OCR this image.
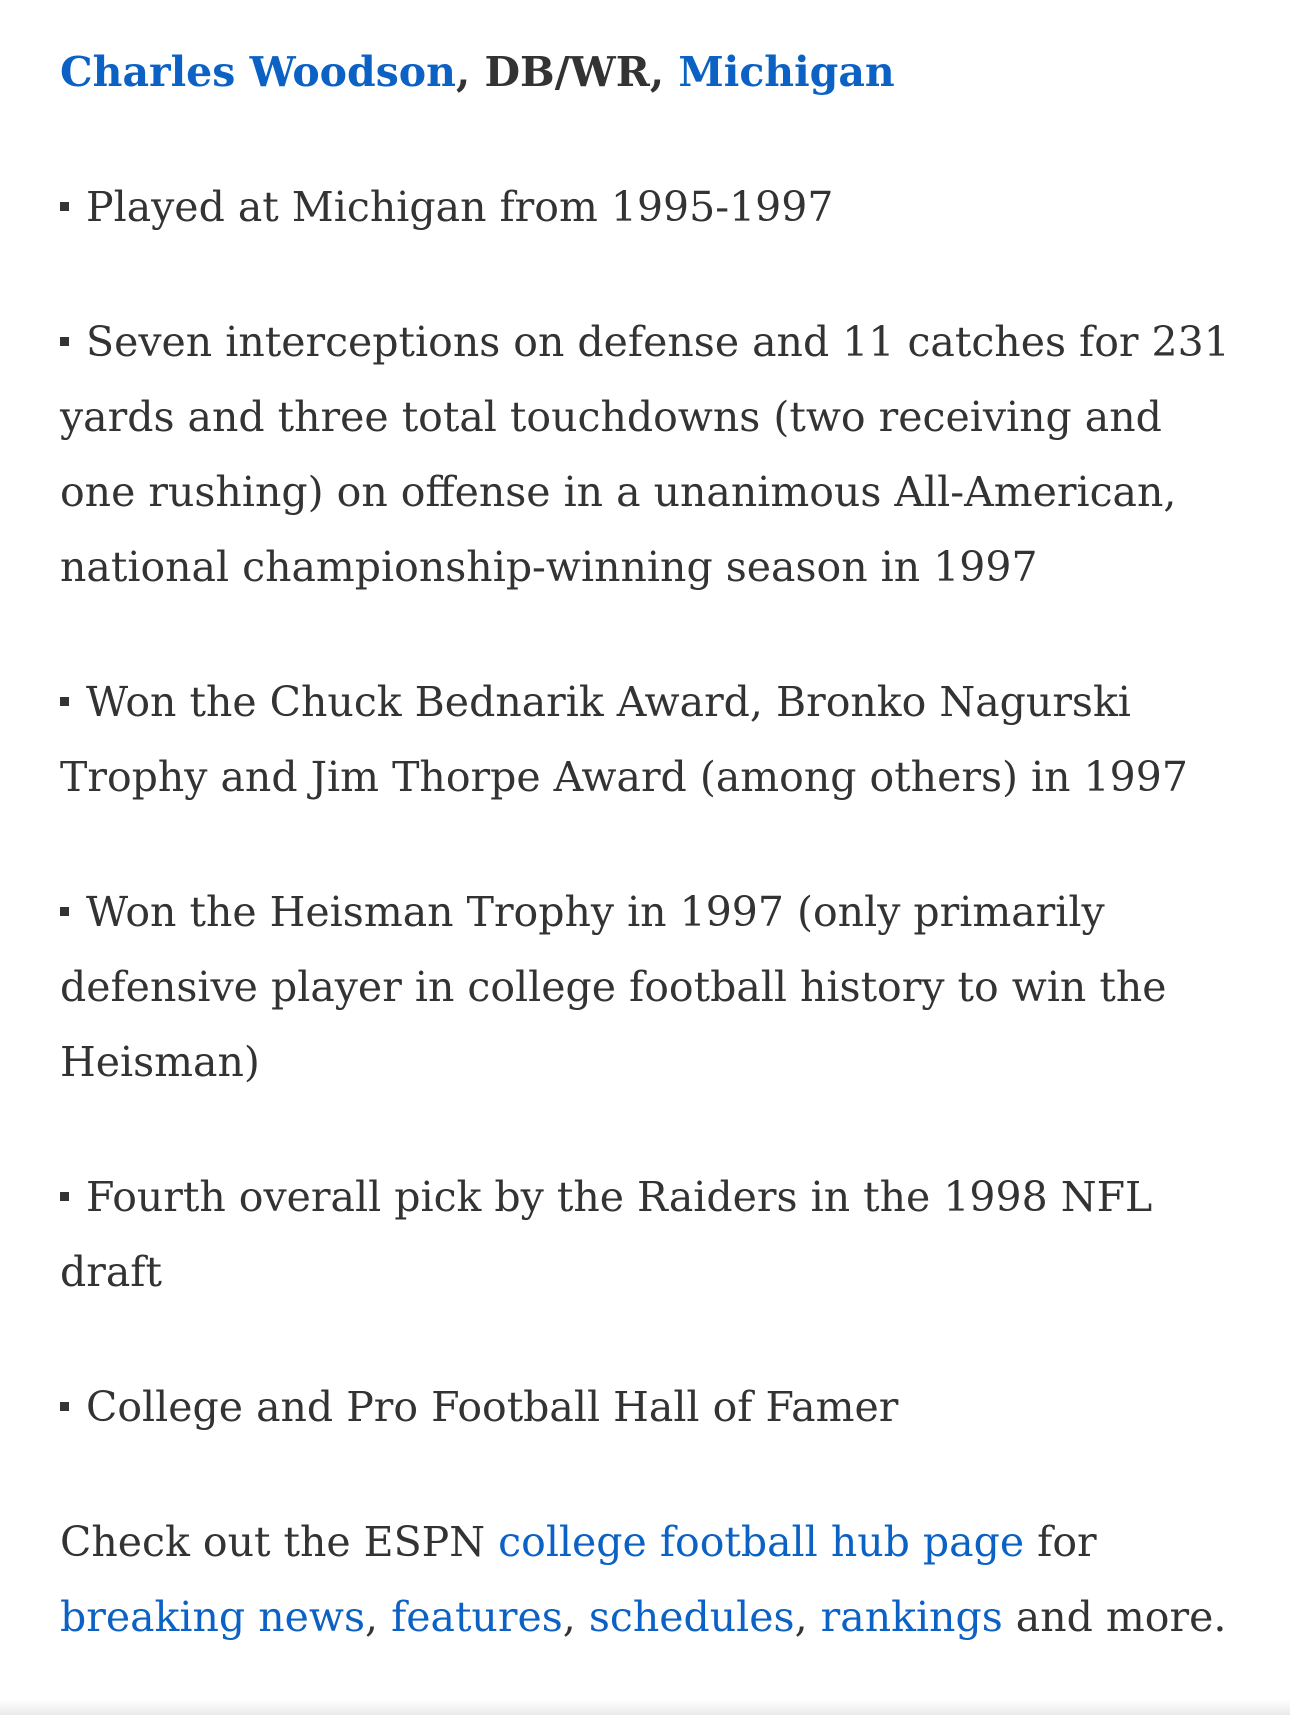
Charles Woodson, DB/WR, Michigan

Played at Michigan from 1995-1997

Seven interceptions on defense and 11 catches for 231 yards and three total touchdowns (two receiving and one rushing) on offense in a unanimous All-American, national championship-winning season in 1997

Won the Chuck Bednarik Award, Bronko Nagurski Trophy and Jim Thorpe Award (among others) in 1997

Won the Heisman Trophy in 1997 (only primarily defensive player in college football history to win the Heisman)

Fourth overall pick by the Raiders in the 1998 NFL draft

College and Pro Football Hall of Famer

Check out the ESPN college football hub page for breaking news, features, schedules, rankings and more.
